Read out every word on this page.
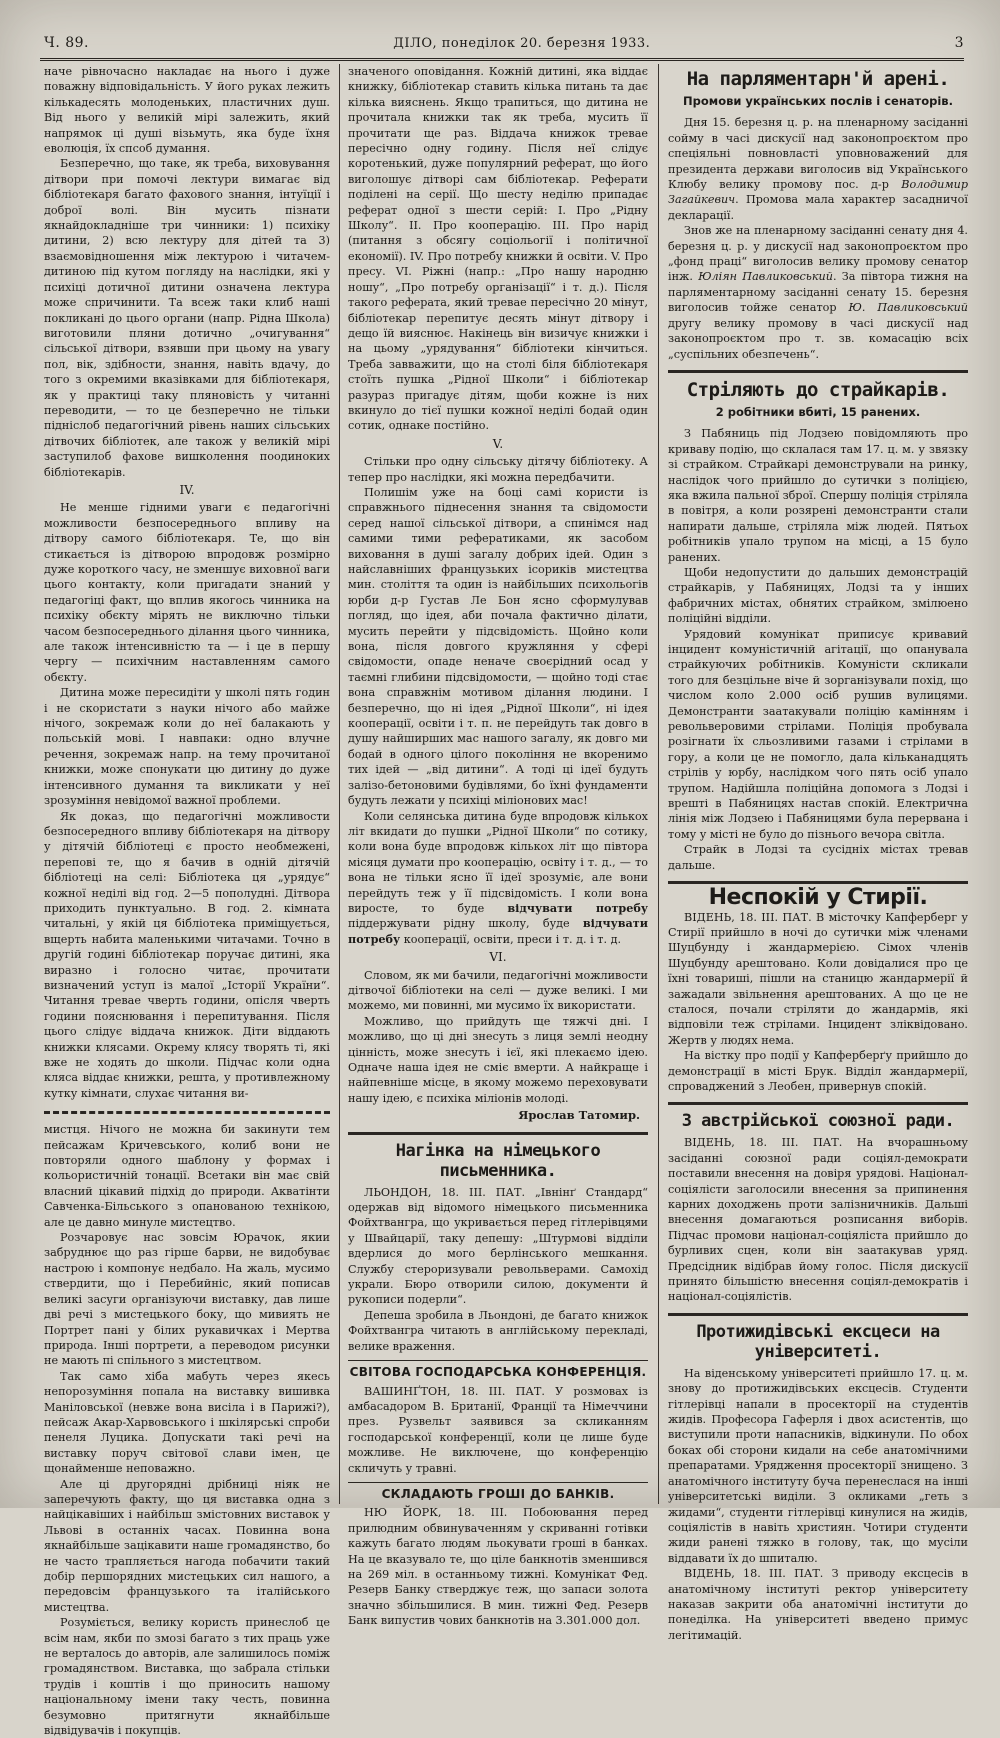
Ч. 89.	ДІЛО, понеділок 20. березня 1933.	3

наче рівночасно накладає на нього і дуже поважну відповідальність. У його руках лежить кількадесять молоденьких, пластичних душ. Від нього у великій мірі залежить, який напрямок ці душі візьмуть, яка буде їхня еволюція, їх спсоб думання.

Безперечно, що таке, як треба, виховування дітвори при помочі лектури вимагає від бібліотекаря багато фахового знання, інтуїції і доброї волі. Він мусить пізнати якнайдокладніше три чинники: 1) психіку дитини, 2) всю лектуру для дітей та 3) взаємовідношення між лектурою і читачем-дитиною під кутом погляду на наслідки, які у психіці дотичної дитини означена лектура може спричинити. Та всеж таки клиб наші покликані до цього органи (напр. Рідна Школа) виготовили пляни дотично „очигування“ сільської дітвори, взявши при цьому на увагу пол, вік, здібности, знання, навіть вдачу, до того з окремими вказівками для бібліотекаря, як у практиці таку пляновість у читанні переводити, — то це безперечно не тільки підніслоб педагогічний рівень наших сільських дітвочих бібліотек, але також у великій мірі заступилоб фахове вишколення поодиноких бібліотекарів.

IV.

Не менше гідними уваги є педагогічні можливости безпосереднього впливу на дітвору самого бібліотекаря. Те, що він стикається із дітворою впродовж розмірно дуже короткого часу, не зменшує виховної ваги цього контакту, коли пригадати знаний у педагогіці факт, що вплив якогось чинника на психіку обєкту мірять не виключно тільки часом безпосереднього ділання цього чинника, але також інтенсивністю та — і це в першу чергу — психічним наставленням самого обєкту.

Дитина може пересидіти у школі пять годин і не скористати з науки нічого або майже нічого, зокремаж коли до неї балакають у польській мові. І навпаки: одно влучне речення, зокремаж напр. на тему прочитаної книжки, може спонукати цю дитину до дуже інтенсивного думання та викликати у неї зрозуміння невідомої важної проблеми.

Як доказ, що педагогічні можливости безпосередного впливу бібліотекаря на дітвору у дітячій бібліотеці є просто необмежені, перепові те, що я бачив в одній дітячій бібліотеці на селі: Бібліотека ця „урядує“ кожної неділі від год. 2—5 пополудні. Дітвора приходить пунктуально. В год. 2. кімната читальні, у якій ця бібліотека приміщується, вщерть набита маленькими читачами. Точно в другій годині бібліотекар поручає дитині, яка виразно і голосно читає, прочитати визначений уступ із малої „Історії України“. Читання тревае чверть години, опісля чверть години пояснювання і перепитування. Після цього слідує віддача книжок. Діти віддають книжки клясами. Окрему клясу творять ті, які вже не ходять до школи. Підчас коли одна кляса віддає книжки, решта, у противлежному кутку кімнати, слухає читання ви-

мистця. Нічого не можна би закинути тем пейсажам Кричевського, колиб вони не повторяли одного шаблону у формах і кольористичній тонації. Всетаки він має свій власний цікавий підхід до природи. Акватінти Савченка-Більського з опанованою технікою, але це давно минуле мистецтво.

Розчаровує нас зовсім Юрачок, якии забруднює що раз гірше барви, не видобуває настрою і компонує недбало. На жаль, мусимо ствердити, що і Перебийніс, який пописав великі засуги організуючи виставку, дав лише дві речі з мистецького боку, що мивиять не Портрет пані у білих рукавичках і Мертва природа. Інші портрети, а переводом рисунки не мають пі спільного з мистецтвом.

Так само хіба мабуть через якесь непорозуміння попала на виставку вишивка Маніловської (невже вона висіла і в Парижі?), пейсаж Акар-Харвовського і шкілярські спроби пенеля Луцика. Допускати такі речі на виставку поруч світової слави імен, це щонайменше неповажно.

Але ці другорядні дрібниці ніяк не заперечують факту, що ця виставка одна з найцікавіших і найбільш змістовних виставок у Львові в останніх часах. Повинна вона якнайбільше зацікавити наше громадянство, бо не часто трапляється нагода побачити такий добір першорядних мистецьких сил нашого, а передовсім французького та італійського мистецтва.

Розуміється, велику користь принеслоб це всім нам, якби по змозі багато з тих праць уже не верталось до авторів, але залишилось поміж громадянством. Виставка, що забрала стільки трудів і коштів і що приносить нашому національному імени таку честь, повинна безумовно притягнути якнайбільше відвідувачів і покупців.

значеного оповідання. Кожній дитині, яка віддає книжку, бібліотекар ставить кілька питань та дає кілька вияснень. Якщо трапиться, що дитина не прочитала книжки так як треба, мусить її прочитати ще раз. Віддача книжок тревае пересічно одну годину. Після неї слідує коротенький, дуже популярний реферат, що його виголошує дітворі сам бібліотекар. Реферати поділені на серії. Що шесту неділю припадає реферат одної з шести серій: І. Про „Рідну Школу“. ІІ. Про кооперацію. ІІІ. Про нарід (питання з обсягу соціольогії і політичної економії). IV. Про потребу книжки й освіти. V. Про пресу. VI. Ріжні (напр.: „Про нашу народню ношу“, „Про потребу організації“ і т. д.). Після такого реферата, який тревае пересічно 20 мінут, бібліотекар перепитує десять мінут дітвору і дещо їй вияснює. Накінець він визичує книжки і на цьому „урядування“ бібліотеки кінчиться. Треба завважити, що на столі біля бібліотекаря стоїть пушка „Рідної Школи“ і бібліотекар разураз пригадує дітям, щоби кожне із них вкинуло до тієї пушки кожної неділі бодай один сотик, однаке постійно.

V.

Стільки про одну сільську дітячу бібліотеку. А тепер про наслідки, які можна передбачити.

Полишім уже на боці самі користи із справжнього піднесення знання та свідомости серед нашої сільської дітвори, а спинімся над самими тими рефератиками, як засобом виховання в душі загалу добрих ідей. Один з найславніших французьких ісориків мистецтва мин. століття та один із найбільших психольогів юрби д-р Густав Ле Бон ясно сформулував погляд, що ідея, аби почала фактично ділати, мусить перейти у підсвідомість. Щойно коли вона, після довгого кружляння у сфері свідомости, опаде неначе своєрідний осад у таємні глибини підсвідомости, — щойно тоді стає вона справжнім мотивом ділання людини. І безперечно, що ні ідея „Рідної Школи“, ні ідея кооперації, освіти і т. п. не перейдуть так довго в душу найширших мас нашого загалу, як довго ми бодай в одного цілого покоління не вкоренимо тих ідей — „від дитини“. А тоді ці ідеї будуть залізо-бетоновими будівлями, бо їхні фундаменти будуть лежати у психіці міліонових мас!

Коли селянська дитина буде впродовж кількох літ вкидати до пушки „Рідної Школи“ по сотику, коли вона буде впродовж кількох літ що півтора місяця думати про кооперацію, освіту і т. д., — то вона не тільки ясно її ідеї зрозуміє, але вони перейдуть теж у її підсвідомість. І коли вона виросте, то буде відчувати потребу піддержувати рідну школу, буде відчувати потребу кооперації, освіти, преси і т. д. і т. д.

VI.

Словом, як ми бачили, педагогічні можливости дітвочої бібліотеки на селі — дуже великі. І ми можемо, ми повинні, ми мусимо їх використати.

Можливо, що прийдуть ще тяжчі дні. І можливо, що ці дні знесуть з лиця землі неодну цінність, може знесуть і ієї, які плекаємо ідею. Одначе наша ідея не сміє вмерти. А найкраще і найпевніше місце, в якому можемо переховувати нашу ідею, є психіка міліонів молоді.

Ярослав Татомир.
Нагінка на німецького письменника.

ЛЬОНДОН, 18. ІІІ. ПАТ. „Івнінґ Стандард“ одержав від відомого німецького письменника Фойхтвангра, що укривається перед гітлерівцями у Швайцарії, таку депешу: „Штурмові відділи вдерлися до мого берлінського мешкання. Службу стероризували револьверами. Самохід украли. Бюро отворили силою, документи й рукописи подерли“.

Депеша зробила в Льондоні, де багато книжок Фойхтвангра читають в англійському перекладі, велике враження.

СВІТОВА ГОСПОДАРСЬКА КОНФЕРЕНЦІЯ.

ВАШИНҐТОН, 18. ІІІ. ПАТ. У розмовах із амбасадором В. Британії, Франції та Німеччини през. Рузвельт заявився за скликанням господарської конференції, коли це лише буде можливе. Не виключене, що конференцію скличуть у травні.

СКЛАДАЮТЬ ГРОШІ ДО БАНКІВ.

НЮ ЙОРК, 18. ІІІ. Побоювання перед прилюдним обвинуваченням у скриванні готівки кажуть багато людям льокувати гроші в банках. На це вказувало те, що ціле банкнотів зменшився на 269 міл. в останньому тижні. Комунікат Фед. Резерв Банку стверджує теж, що запаси золота значно збільшилися. В мин. тижні Фед. Резерв Банк випустив чових банкнотів на 3.301.000 дол.

На парляментарн'й арені.
Промови українських послів і сенаторів.

Дня 15. березня ц. р. на пленарному засіданні сойму в часі дискусії над законопроєктом про спеціяльні повновласті уповноважений для президента держави виголосив від Українського Клюбу велику промову пос. д-р Володимир Загайкевич. Промова мала характер засадничої декларації.

Знов же на пленарному засіданні сенату дня 4. березня ц. р. у дискусії над законопроєктом про „фонд праці“ виголосив велику промову сенатор інж. Юліян Павликовський. За півтора тижня на парляментарному засіданні сенату 15. березня виголосив тойже сенатор Ю. Павликовський другу велику промову в часі дискусії над законопроєктом про т. зв. комасацію всіх „суспільних обезпечень“.

Стріляють до страйкарів.
2 робітники вбиті, 15 ранених.

З Пабяниць під Лодзею повідомляють про криваву подію, що склалася там 17. ц. м. у звязку зі страйком. Страйкарі демонстрували на ринку, наслідок чого прийшло до сутички з поліцією, яка вжила пальної зброї. Спершу поліція стріляла в повітря, а коли розярені демонстранти стали напирати дальше, стріляла між людей. Пятьох робітників упало трупом на місці, а 15 було ранених.

Щоби недопустити до дальших демонстрацій страйкарів, у Пабяницях, Лодзі та у інших фабричних містах, обнятих страйком, змілюено поліційні відділи.

Урядовий комунікат приписує кривавий інцидент комуністичній агітації, що опанувала страйкуючих робітників. Комуністи скликали того для безцільне віче й зорганізували похід, що числом коло 2.000 осіб рушив вулицями. Демонстранти заатакували поліцію камінням і револьверовими стрілами. Поліція пробувала розігнати їх сльозливими газами і стрілами в гору, а коли це не помогло, дала кільканадцять стрілів у юрбу, наслідком чого пять осіб упало трупом. Надійшла поліційна допомога з Лодзі і врешті в Пабяницях настав спокій. Електрична лінія між Лодзею і Пабяницями була перервана і тому у місті не було до пізнього вечора світла.

Страйк в Лодзі та сусідніх містах тревав дальше.

Неспокій у Стирії.

ВІДЕНЬ, 18. ІІІ. ПАТ. В місточку Капферберг у Стирії прийшло в ночі до сутички між членами Шуцбунду і жандармерією. Сімох членів Шуцбунду арештовано. Коли довідалися про це їхні товариші, пішли на станицю жандармерії й зажадали звільнення арештованих. А що це не сталося, почали стріляти до жандармів, які відповіли теж стрілами. Інцидент зліквідовано. Жертв у людях нема.

На вістку про події у Капферберґу прийшло до демонстрації в місті Брук. Відділ жандармерії, спроваджений з Леобен, привернув спокій.

З австрійської союзної ради.

ВІДЕНЬ, 18. ІІІ. ПАТ. На вчорашньому засіданні союзної ради соціял-демократи поставили внесення на довіря урядові. Націонал-соціялісти заголосили внесення за припинення карних доходжень проти залізничників. Дальші внесення домагаються розписання виборів. Підчас промови націонал-соціяліста прийшло до бурливих сцен, коли він заатакував уряд. Предсідник відібрав йому голос. Після дискусії принято більшістю внесення соціял-демократів і націонал-соціялістів.

Протижидівські ексцеси на університеті.

На віденському університеті прийшло 17. ц. м. знову до протижидівських ексцесів. Студенти гітлерівці напали в просекторії на студентів жидів. Професора Гаферля і двох асистентів, що виступили проти напасників, відкинули. По обох боках обі сторони кидали на себе анатомічними препаратами. Урядження просекторії знищено. З анатомічного інституту буча перенеслася на інші університетські виділи. З окликами „геть з жидами“, студенти гітлерівці кинулися на жидів, соціялістів в навіть християн. Чотири студенти жиди ранені тяжко в голову, так, що мусіли віддавати їх до шпиталю.

ВІДЕНЬ, 18. ІІІ. ПАТ. З приводу ексцесів в анатомічному інституті ректор університету наказав закрити оба анатомічні інститути до понеділка. На університеті введено примус легітимацій.
